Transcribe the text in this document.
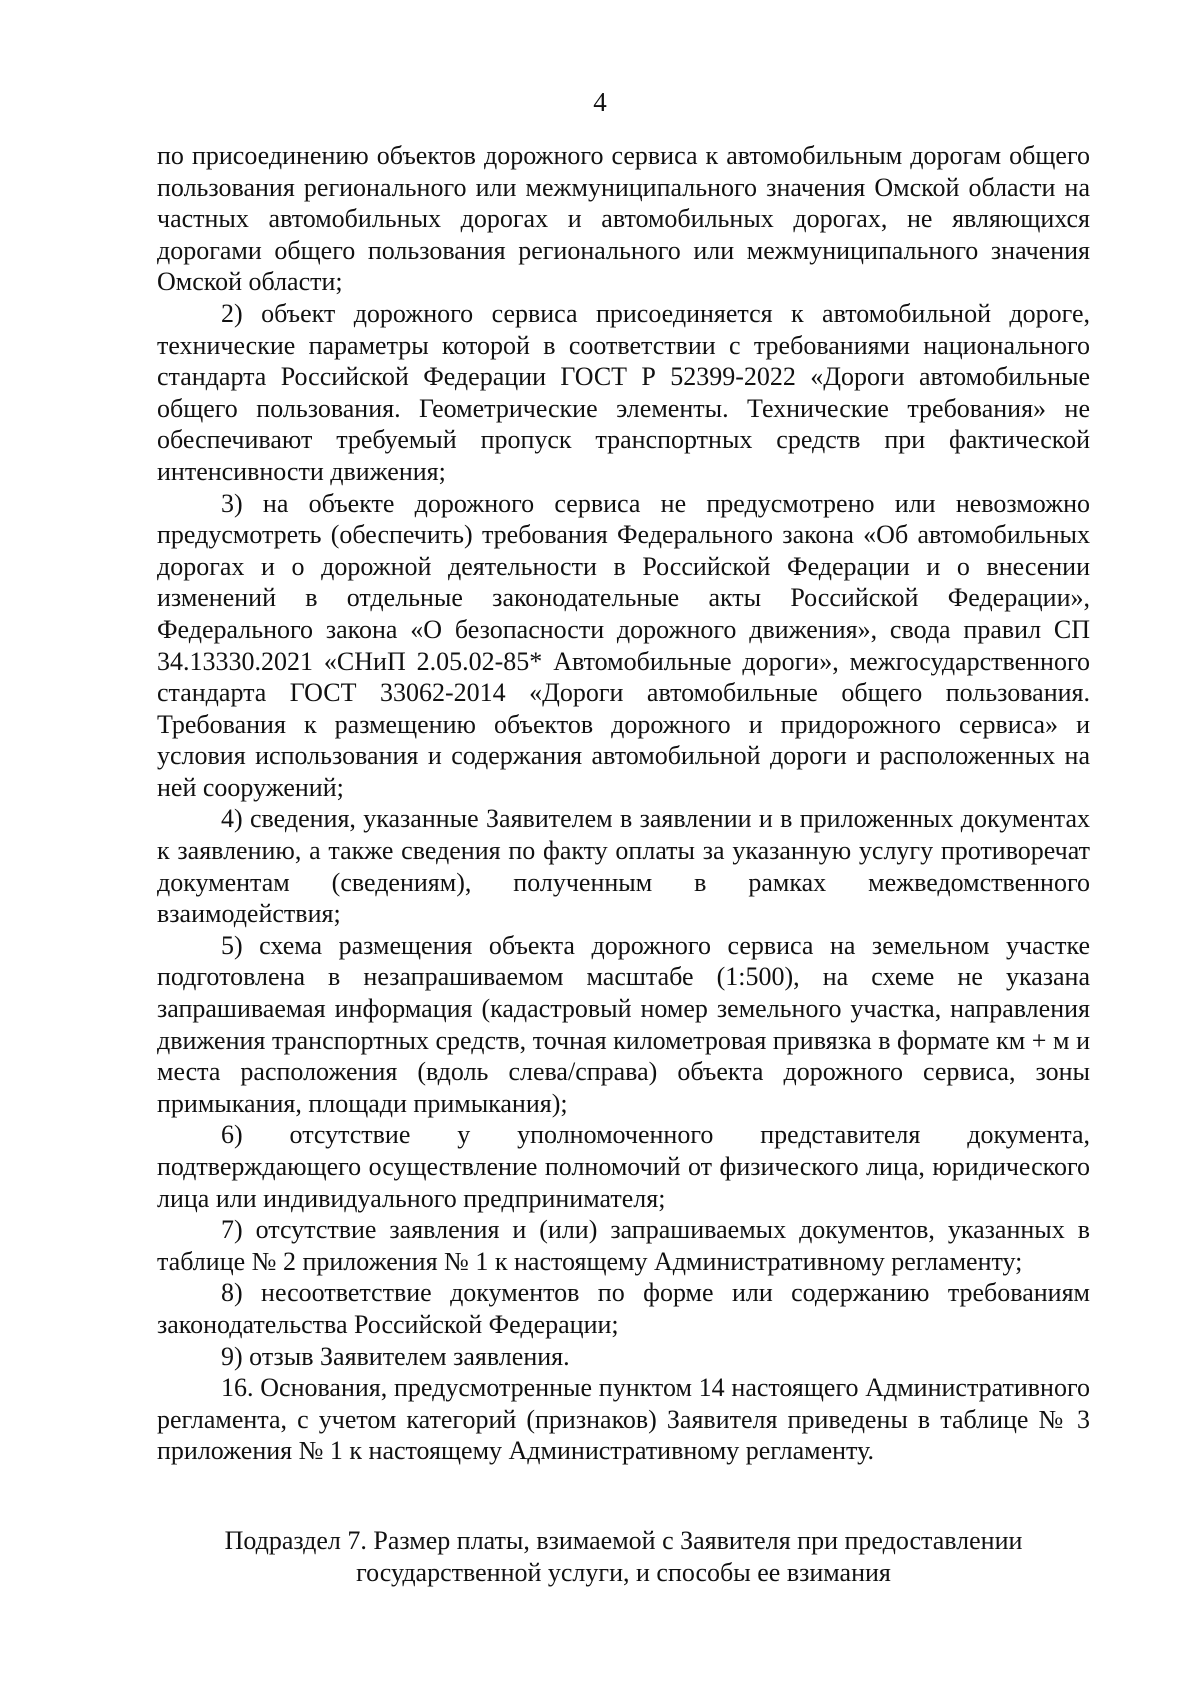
4

по присоединению объектов дорожного сервиса к автомобильным дорогам общего пользования регионального или межмуниципального значения Омской области на частных автомобильных дорогах и автомобильных дорогах, не являющихся дорогами общего пользования регионального или межмуниципального значения Омской области;

2) объект дорожного сервиса присоединяется к автомобильной дороге, технические параметры которой в соответствии с требованиями национального стандарта Российской Федерации ГОСТ Р 52399-2022 «Дороги автомобильные общего пользования. Геометрические элементы. Технические требования» не обеспечивают требуемый пропуск транспортных средств при фактической интенсивности движения;

3) на объекте дорожного сервиса не предусмотрено или невозможно предусмотреть (обеспечить) требования Федерального закона «Об автомобильных дорогах и о дорожной деятельности в Российской Федерации и о внесении изменений в отдельные законодательные акты Российской Федерации», Федерального закона «О безопасности дорожного движения», свода правил СП 34.13330.2021 «СНиП 2.05.02-85* Автомобильные дороги», межгосударственного стандарта ГОСТ 33062-2014 «Дороги автомобильные общего пользования. Требования к размещению объектов дорожного и придорожного сервиса» и условия использования и содержания автомобильной дороги и расположенных на ней сооружений;

4) сведения, указанные Заявителем в заявлении и в приложенных документах к заявлению, а также сведения по факту оплаты за указанную услугу противоречат документам (сведениям), полученным в рамках межведомственного взаимодействия;

5) схема размещения объекта дорожного сервиса на земельном участке подготовлена в незапрашиваемом масштабе (1:500), на схеме не указана запрашиваемая информация (кадастровый номер земельного участка, направления движения транспортных средств, точная километровая привязка в формате км + м и места расположения (вдоль слева/справа) объекта дорожного сервиса, зоны примыкания, площади примыкания);

6) отсутствие у уполномоченного представителя документа, подтверждающего осуществление полномочий от физического лица, юридического лица или индивидуального предпринимателя;

7) отсутствие заявления и (или) запрашиваемых документов, указанных в таблице № 2 приложения № 1 к настоящему Административному регламенту;

8) несоответствие документов по форме или содержанию требованиям законодательства Российской Федерации;

9) отзыв Заявителем заявления.

16. Основания, предусмотренные пунктом 14 настоящего Административного регламента, с учетом категорий (признаков) Заявителя приведены в таблице № 3 приложения № 1 к настоящему Административному регламенту.

Подраздел 7. Размер платы, взимаемой с Заявителя при предоставлении
государственной услуги, и способы ее взимания
